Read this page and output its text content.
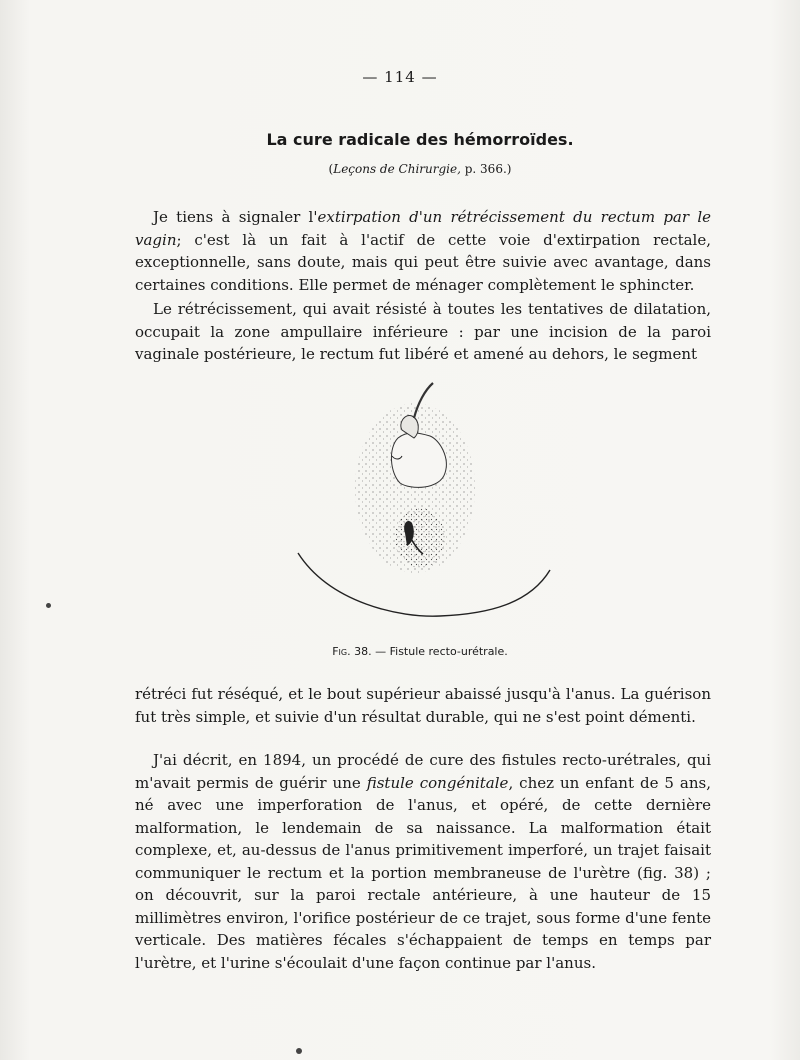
— 114 —
La cure radicale des hémorroïdes.
(Leçons de Chirurgie, p. 366.)

Je tiens à signaler l'extirpation d'un rétrécissement du rectum par le vagin; c'est là un fait à l'actif de cette voie d'extirpation rectale, exceptionnelle, sans doute, mais qui peut être suivie avec avantage, dans certaines conditions. Elle permet de ménager complètement le sphincter.

Le rétrécissement, qui avait résisté à toutes les tentatives de dilatation, occupait la zone ampullaire inférieure : par une incision de la paroi vaginale postérieure, le rectum fut libéré et amené au dehors, le segment

Fig. 38. — Fistule recto-urétrale.

rétréci fut réséqué, et le bout supérieur abaissé jusqu'à l'anus. La guérison fut très simple, et suivie d'un résultat durable, qui ne s'est point démenti.

J'ai décrit, en 1894, un procédé de cure des fistules recto-urétrales, qui m'avait permis de guérir une fistule congénitale, chez un enfant de 5 ans, né avec une imperforation de l'anus, et opéré, de cette dernière malformation, le lendemain de sa naissance. La malformation était complexe, et, au-dessus de l'anus primitivement imperforé, un trajet faisait communiquer le rectum et la portion membraneuse de l'urètre (fig. 38) ; on découvrit, sur la paroi rectale antérieure, à une hauteur de 15 millimètres environ, l'orifice postérieur de ce trajet, sous forme d'une fente verticale. Des matières fécales s'échappaient de temps en temps par l'urètre, et l'urine s'écoulait d'une façon continue par l'anus.
